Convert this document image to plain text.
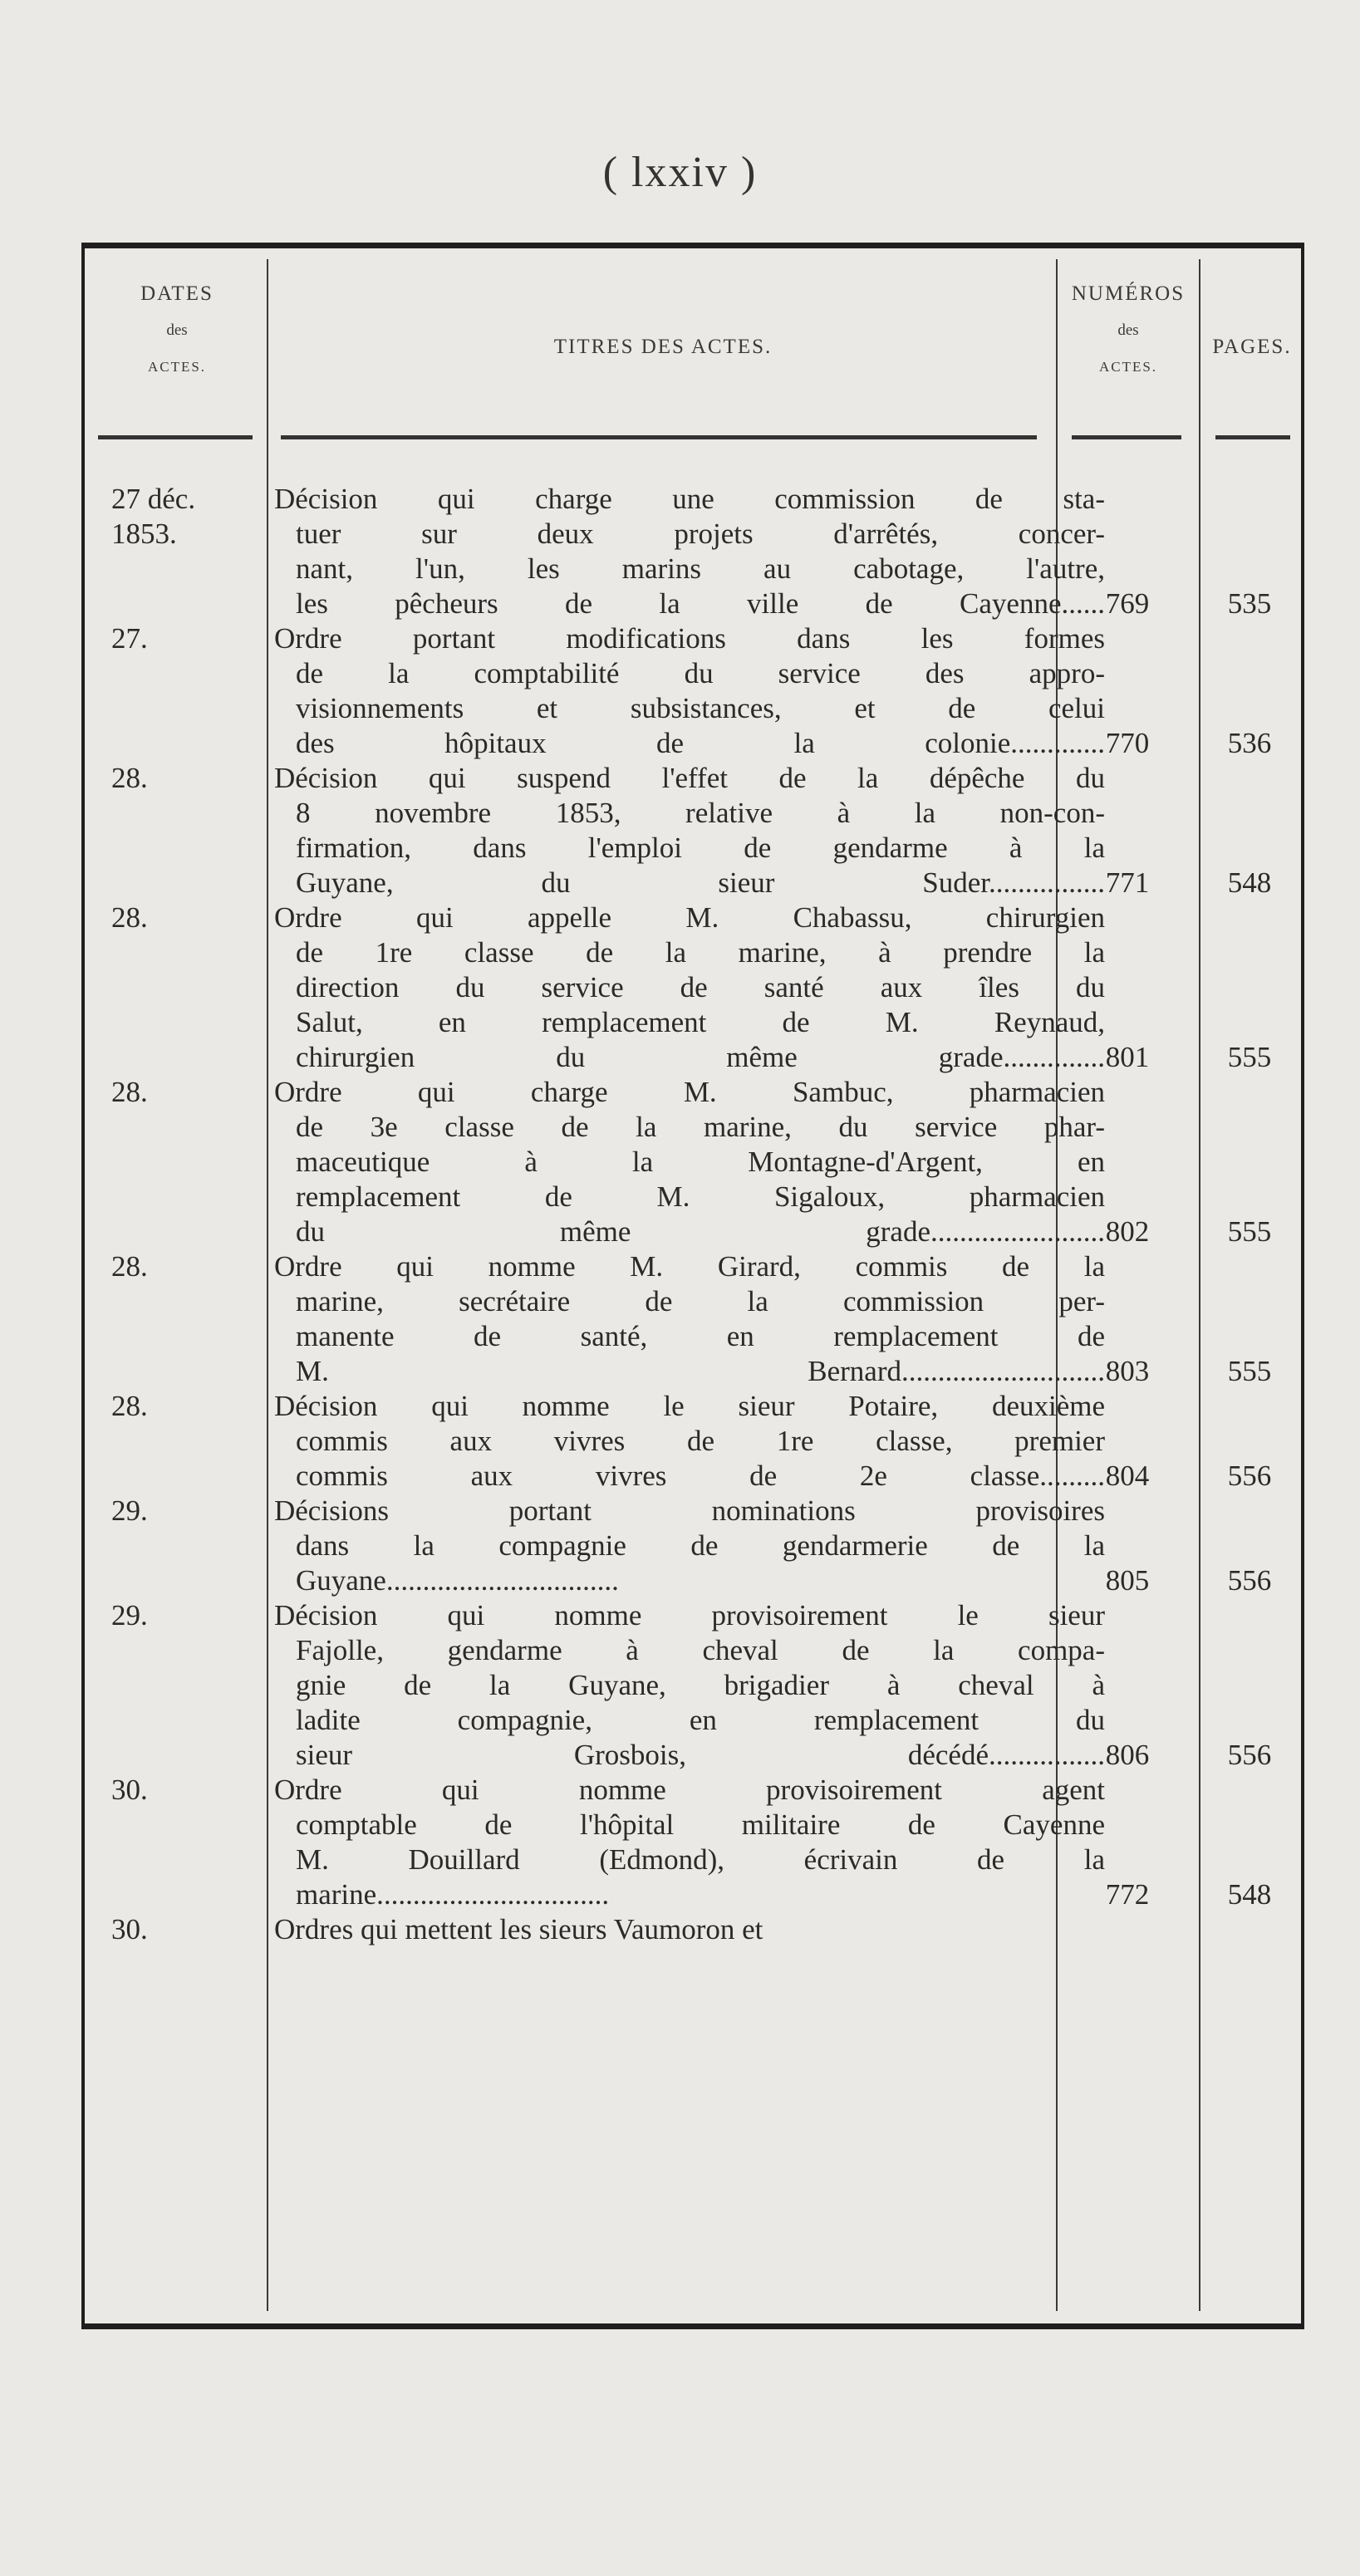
( lxxiv )
DATES
des
ACTES.
TITRES DES ACTES.
NUMÉROS
des
ACTES.
PAGES.
27 déc.
1853.
Décision qui charge une commission de sta-
tuer sur deux projets d'arrêtés, concer-
nant, l'un, les marins au cabotage, l'autre,
les pêcheurs de la ville de Cayenne...... 769	535
27.	Ordre portant modifications dans les formes
de la comptabilité du service des appro-
visionnements et subsistances, et de celui
des hôpitaux de la colonie............. 770	536
28.	Décision qui suspend l'effet de la dépêche du
8 novembre 1853, relative à la non-con-
firmation, dans l'emploi de gendarme à la
Guyane, du sieur Suder................ 771	548
28.	Ordre qui appelle M. Chabassu, chirurgien
de 1re classe de la marine, à prendre la
direction du service de santé aux îles du
Salut, en remplacement de M. Reynaud,
chirurgien du même grade.............. 801	555
28.	Ordre qui charge M. Sambuc, pharmacien
de 3e classe de la marine, du service phar-
maceutique à la Montagne-d'Argent, en
remplacement de M. Sigaloux, pharmacien
du même grade........................ 802	555
28.	Ordre qui nomme M. Girard, commis de la
marine, secrétaire de la commission per-
manente de santé, en remplacement de
M. Bernard............................ 803	555
28.	Décision qui nomme le sieur Potaire, deuxième
commis aux vivres de 1re classe, premier
commis aux vivres de 2e classe......... 804	556
29.	Décisions portant nominations provisoires
dans la compagnie de gendarmerie de la
Guyane................................	805	556
29.	Décision qui nomme provisoirement le sieur
Fajolle, gendarme à cheval de la compa-
gnie de la Guyane, brigadier à cheval à
ladite compagnie, en remplacement du
sieur Grosbois, décédé................ 806	556
30.	Ordre qui nomme provisoirement agent
comptable de l'hôpital militaire de Cayenne
M. Douillard (Edmond), écrivain de la
marine................................	772	548
30.	Ordres qui mettent les sieurs Vaumoron et
